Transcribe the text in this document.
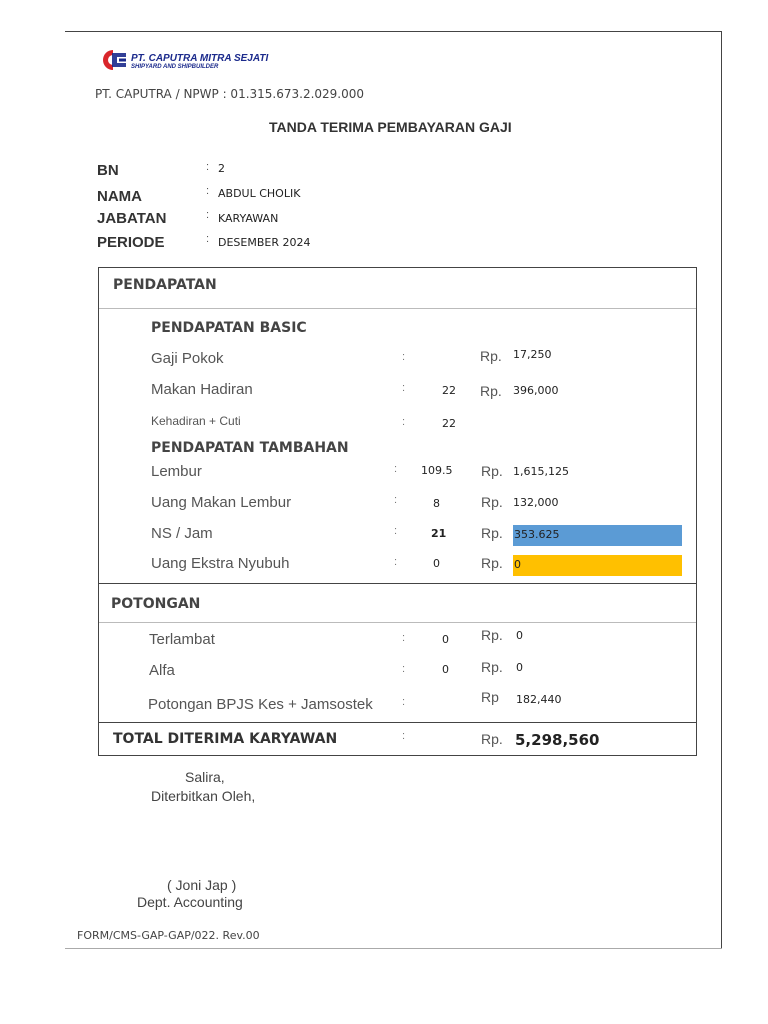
PT. CAPUTRA MITRA SEJATI
SHIPYARD AND SHIPBUILDER
PT. CAPUTRA / NPWP : 01.315.673.2.029.000
TANDA TERIMA PEMBAYARAN GAJI
BN	: 2
NAMA	: ABDUL CHOLIK
JABATAN	: KARYAWAN
PERIODE	: DESEMBER 2024
PENDAPATAN
PENDAPATAN BASIC
Gaji Pokok	:	Rp. 17,250
Makan Hadiran	:	22 Rp. 396,000
Kehadiran + Cuti	:	22
PENDAPATAN TAMBAHAN
Lembur	: 109.5 Rp. 1,615,125
Uang Makan Lembur	:	8	Rp. 132,000
NS / Jam	:	21 Rp. 353.625
Uang Ekstra Nyubuh	:	0	Rp. 0
POTONGAN
Terlambat	:	0 Rp. 0
Alfa	:	0 Rp. 0
Potongan BPJS Kes + Jamsostek	:	Rp 182,440
TOTAL DITERIMA KARYAWAN	:	Rp. 5,298,560
Salira,
Diterbitkan Oleh,
( Joni Jap )
Dept. Accounting
FORM/CMS-GAP-GAP/022. Rev.00
